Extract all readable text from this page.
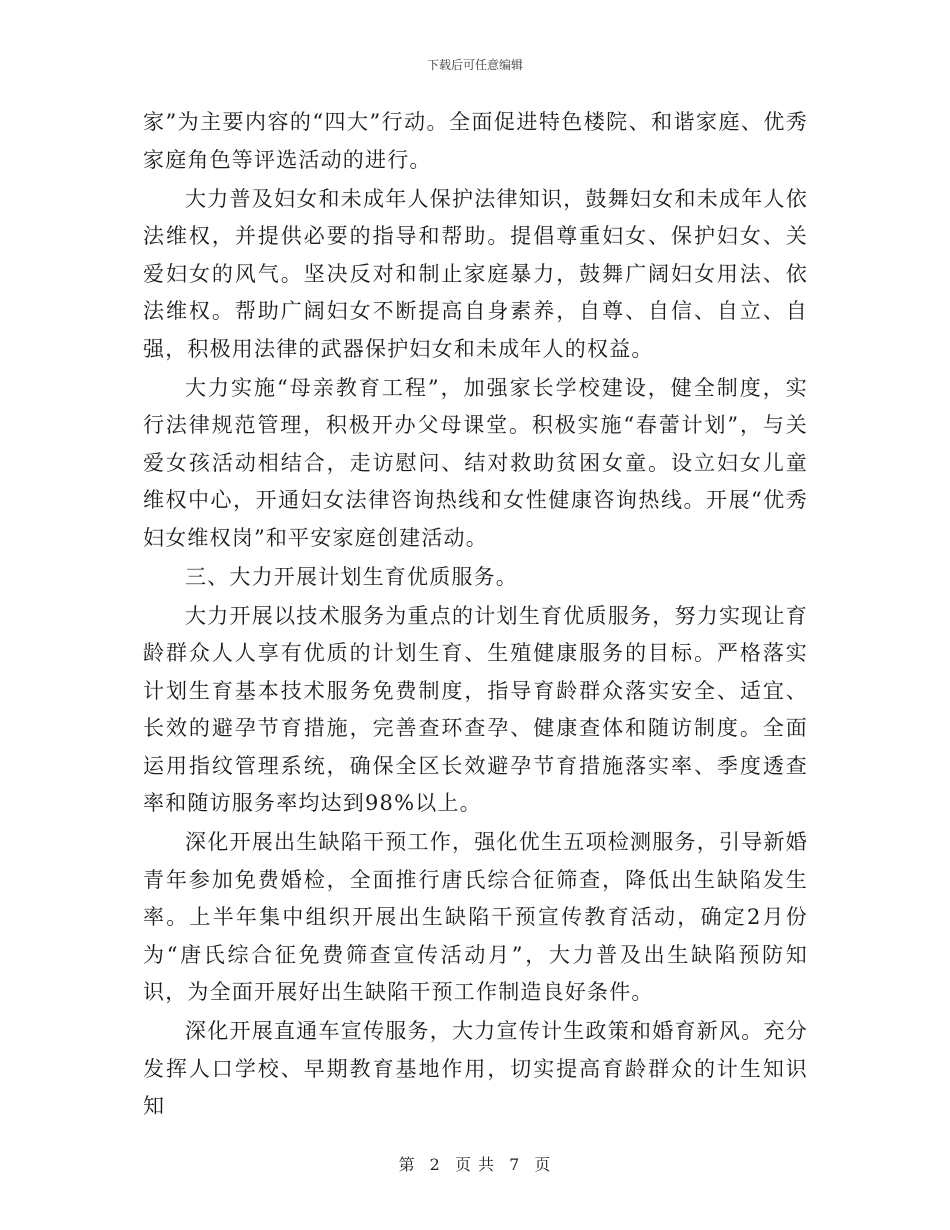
下载后可任意编辑

家”为主要内容的“四大”行动。全面促进特色楼院、和谐家庭、优秀家庭角色等评选活动的进行。

大力普及妇女和未成年人保护法律知识，鼓舞妇女和未成年人依法维权，并提供必要的指导和帮助。提倡尊重妇女、保护妇女、关爱妇女的风气。坚决反对和制止家庭暴力，鼓舞广阔妇女用法、依法维权。帮助广阔妇女不断提高自身素养，自尊、自信、自立、自强，积极用法律的武器保护妇女和未成年人的权益。

大力实施“母亲教育工程”，加强家长学校建设，健全制度，实行法律规范管理，积极开办父母课堂。积极实施“春蕾计划”，与关爱女孩活动相结合，走访慰问、结对救助贫困女童。设立妇女儿童维权中心，开通妇女法律咨询热线和女性健康咨询热线。开展“优秀妇女维权岗”和平安家庭创建活动。

三、大力开展计划生育优质服务。

大力开展以技术服务为重点的计划生育优质服务，努力实现让育龄群众人人享有优质的计划生育、生殖健康服务的目标。严格落实计划生育基本技术服务免费制度，指导育龄群众落实安全、适宜、长效的避孕节育措施，完善查环查孕、健康查体和随访制度。全面运用指纹管理系统，确保全区长效避孕节育措施落实率、季度透查率和随访服务率均达到98%以上。

深化开展出生缺陷干预工作，强化优生五项检测服务，引导新婚青年参加免费婚检，全面推行唐氏综合征筛查，降低出生缺陷发生率。上半年集中组织开展出生缺陷干预宣传教育活动，确定2月份为“唐氏综合征免费筛查宣传活动月”，大力普及出生缺陷预防知识，为全面开展好出生缺陷干预工作制造良好条件。

深化开展直通车宣传服务，大力宣传计生政策和婚育新风。充分发挥人口学校、早期教育基地作用，切实提高育龄群众的计生知识知

第 2 页 共 7 页
